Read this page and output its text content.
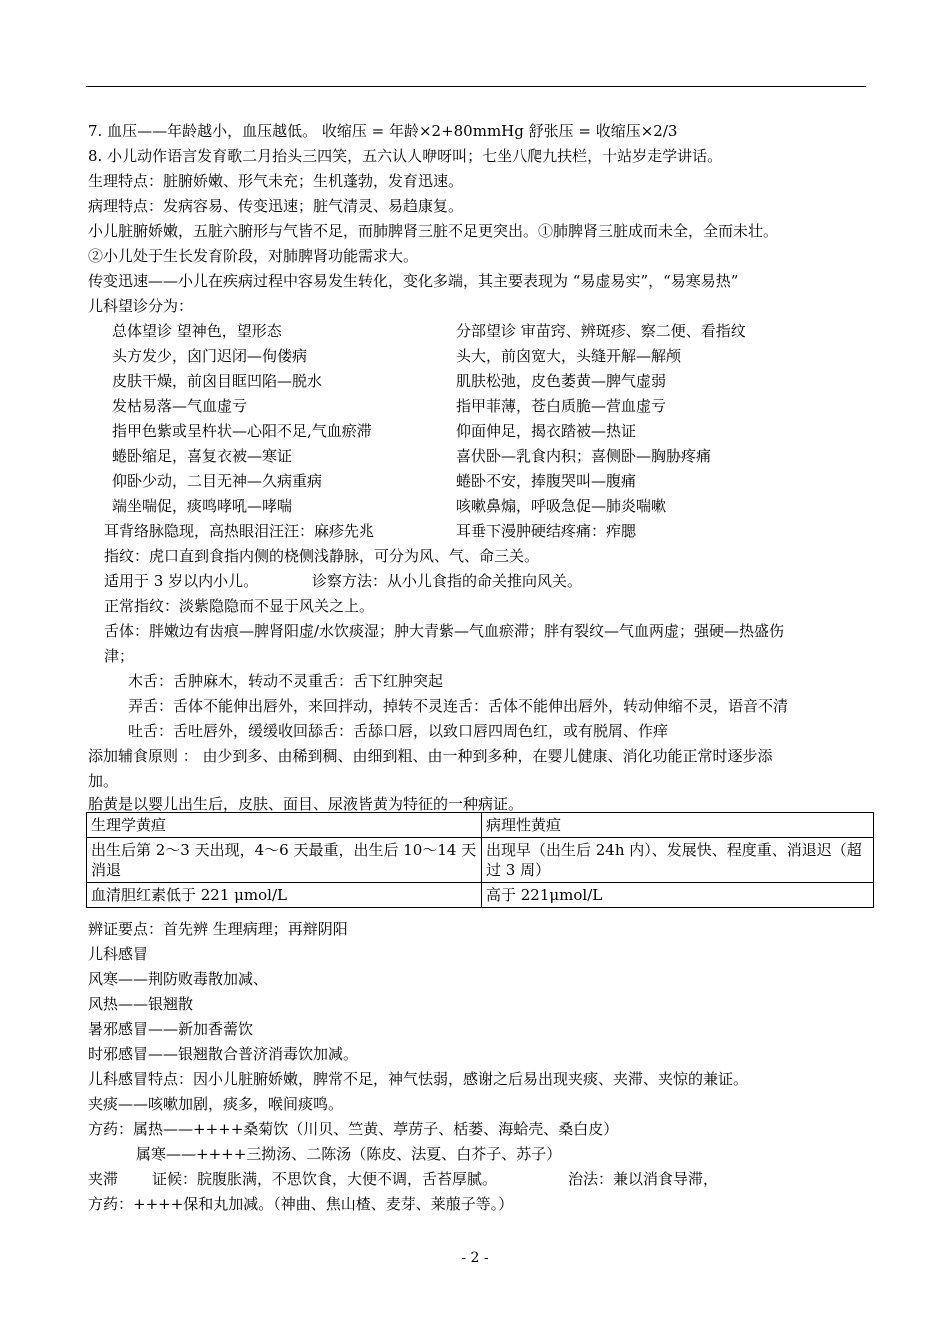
7. 血压——年龄越小，血压越低。 收缩压 = 年龄×2+80mmHg 舒张压 = 收缩压×2/3
8. 小儿动作语言发育歌二月抬头三四笑，五六认人咿呀叫；七坐八爬九扶栏，十站岁走学讲话。
生理特点：脏腑娇嫩、形气未充；生机蓬勃，发育迅速。
病理特点：发病容易、传变迅速；脏气清灵、易趋康复。
小儿脏腑娇嫩，五脏六腑形与气皆不足，而肺脾肾三脏不足更突出。①肺脾肾三脏成而未全，全而未壮。
②小儿处于生长发育阶段，对肺脾肾功能需求大。
传变迅速——小儿在疾病过程中容易发生转化，变化多端，其主要表现为 “易虚易实”，“易寒易热”
儿科望诊分为：
总体望诊 望神色，望形态	分部望诊 审苗窍、辨斑疹、察二便、看指纹
头方发少，囟门迟闭—佝偻病	头大，前囟宽大，头缝开解—解颅
皮肤干燥，前囟目眶凹陷—脱水	肌肤松弛，皮色萎黄—脾气虚弱
发枯易落—气血虚亏	指甲菲薄，苍白质脆—营血虚亏
指甲色紫或呈杵状—心阳不足,气血瘀滞	仰面伸足，揭衣踏被—热证
蜷卧缩足，喜复衣被—寒证	喜伏卧—乳食内积；喜侧卧—胸胁疼痛
仰卧少动，二目无神—久病重病	蜷卧不安，捧腹哭叫—腹痛
端坐喘促，痰鸣哮吼—哮喘	咳嗽鼻煽，呼吸急促—肺炎喘嗽
耳背络脉隐现，高热眼泪汪汪：麻疹先兆	耳垂下漫肿硬结疼痛：痄腮
指纹：虎口直到食指内侧的桡侧浅静脉，可分为风、气、命三关。
适用于 3 岁以内小儿。	诊察方法：从小儿食指的命关推向风关。
正常指纹：淡紫隐隐而不显于风关之上。
舌体：胖嫩边有齿痕—脾肾阳虚/水饮痰湿；肿大青紫—气血瘀滞；胖有裂纹—气血两虚；强硬—热盛伤
津；
木舌：舌肿麻木，转动不灵重舌：舌下红肿突起
弄舌：舌体不能伸出唇外，来回拌动，掉转不灵连舌：舌体不能伸出唇外，转动伸缩不灵，语音不清
吐舌：舌吐唇外，缓缓收回舔舌：舌舔口唇，以致口唇四周色红，或有脱屑、作痒
添加辅食原则 ： 由少到多、由稀到稠、由细到粗、由一种到多种，在婴儿健康、消化功能正常时逐步添
加。
胎黄是以婴儿出生后，皮肤、面目、尿液皆黄为特征的一种病证。
生理学黄疸	病理性黄疸
出生后第 2～3 天出现，4～6 天最重，出生后 10～14 天消退	出现早（出生后 24h 内）、发展快、程度重、消退迟（超过 3 周）
血清胆红素低于 221 μmol/L	高于 221μmol/L
辨证要点：首先辨 生理病理；再辩阴阳
儿科感冒
风寒——荆防败毒散加减、
风热——银翘散
暑邪感冒——新加香薷饮
时邪感冒——银翘散合普济消毒饮加减。
儿科感冒特点：因小儿脏腑娇嫩，脾常不足，神气怯弱，感谢之后易出现夹痰、夹滞、夹惊的兼证。
夹痰——咳嗽加剧，痰多，喉间痰鸣。
方药：属热——++++桑菊饮（川贝、竺黄、葶苈子、栝蒌、海蛤壳、桑白皮）
属寒——++++三拗汤、二陈汤（陈皮、法夏、白芥子、苏子）
夹滞 证候：脘腹胀满，不思饮食，大便不调，舌苔厚腻。	治法：兼以消食导滞，
方药：++++保和丸加减。（神曲、焦山楂、麦芽、莱菔子等。）
- 2 -
